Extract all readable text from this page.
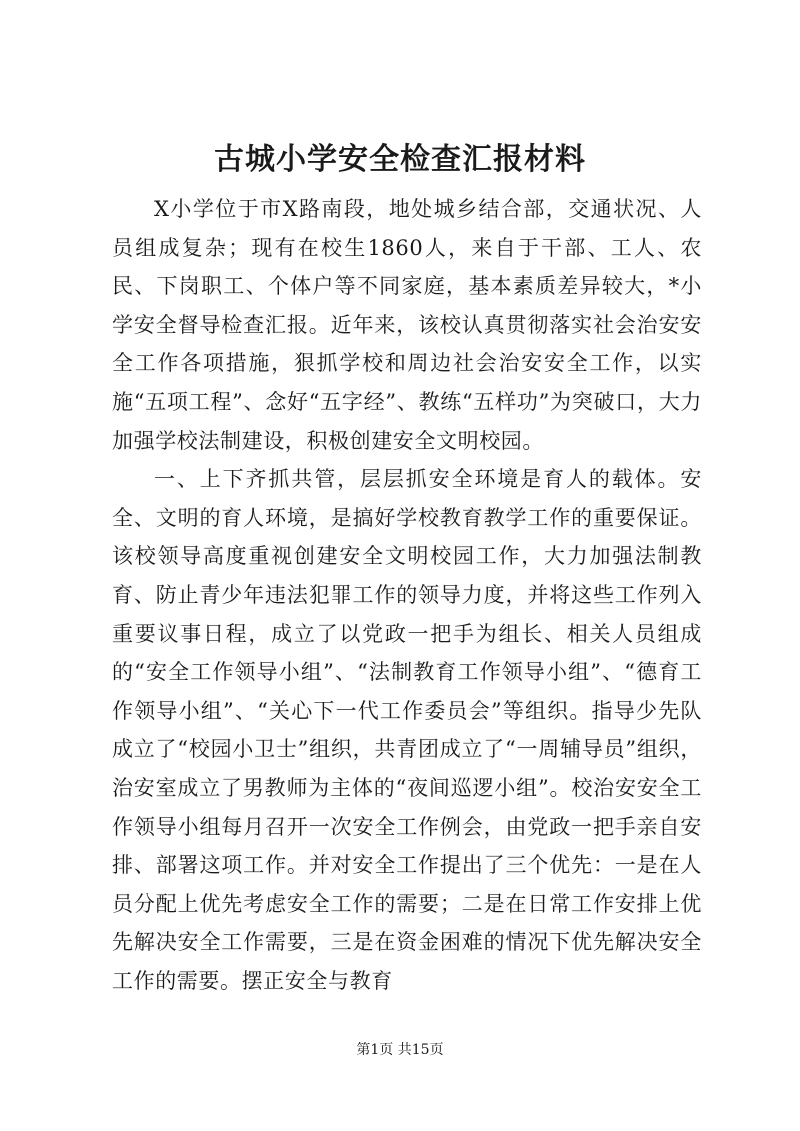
古城小学安全检查汇报材料

X小学位于市X路南段，地处城乡结合部，交通状况、人员组成复杂；现有在校生1860人，来自于干部、工人、农民、下岗职工、个体户等不同家庭，基本素质差异较大，*小学安全督导检查汇报。近年来，该校认真贯彻落实社会治安安全工作各项措施，狠抓学校和周边社会治安安全工作，以实施“五项工程”、念好“五字经”、教练“五样功”为突破口，大力加强学校法制建设，积极创建安全文明校园。

一、上下齐抓共管，层层抓安全环境是育人的载体。安全、文明的育人环境，是搞好学校教育教学工作的重要保证。该校领导高度重视创建安全文明校园工作，大力加强法制教育、防止青少年违法犯罪工作的领导力度，并将这些工作列入重要议事日程，成立了以党政一把手为组长、相关人员组成的“安全工作领导小组”、“法制教育工作领导小组”、“德育工作领导小组”、“关心下一代工作委员会”等组织。指导少先队成立了“校园小卫士”组织，共青团成立了“一周辅导员”组织，治安室成立了男教师为主体的“夜间巡逻小组”。校治安安全工作领导小组每月召开一次安全工作例会，由党政一把手亲自安排、部署这项工作。并对安全工作提出了三个优先：一是在人员分配上优先考虑安全工作的需要；二是在日常工作安排上优先解决安全工作需要，三是在资金困难的情况下优先解决安全工作的需要。摆正安全与教育

第1页 共15页
